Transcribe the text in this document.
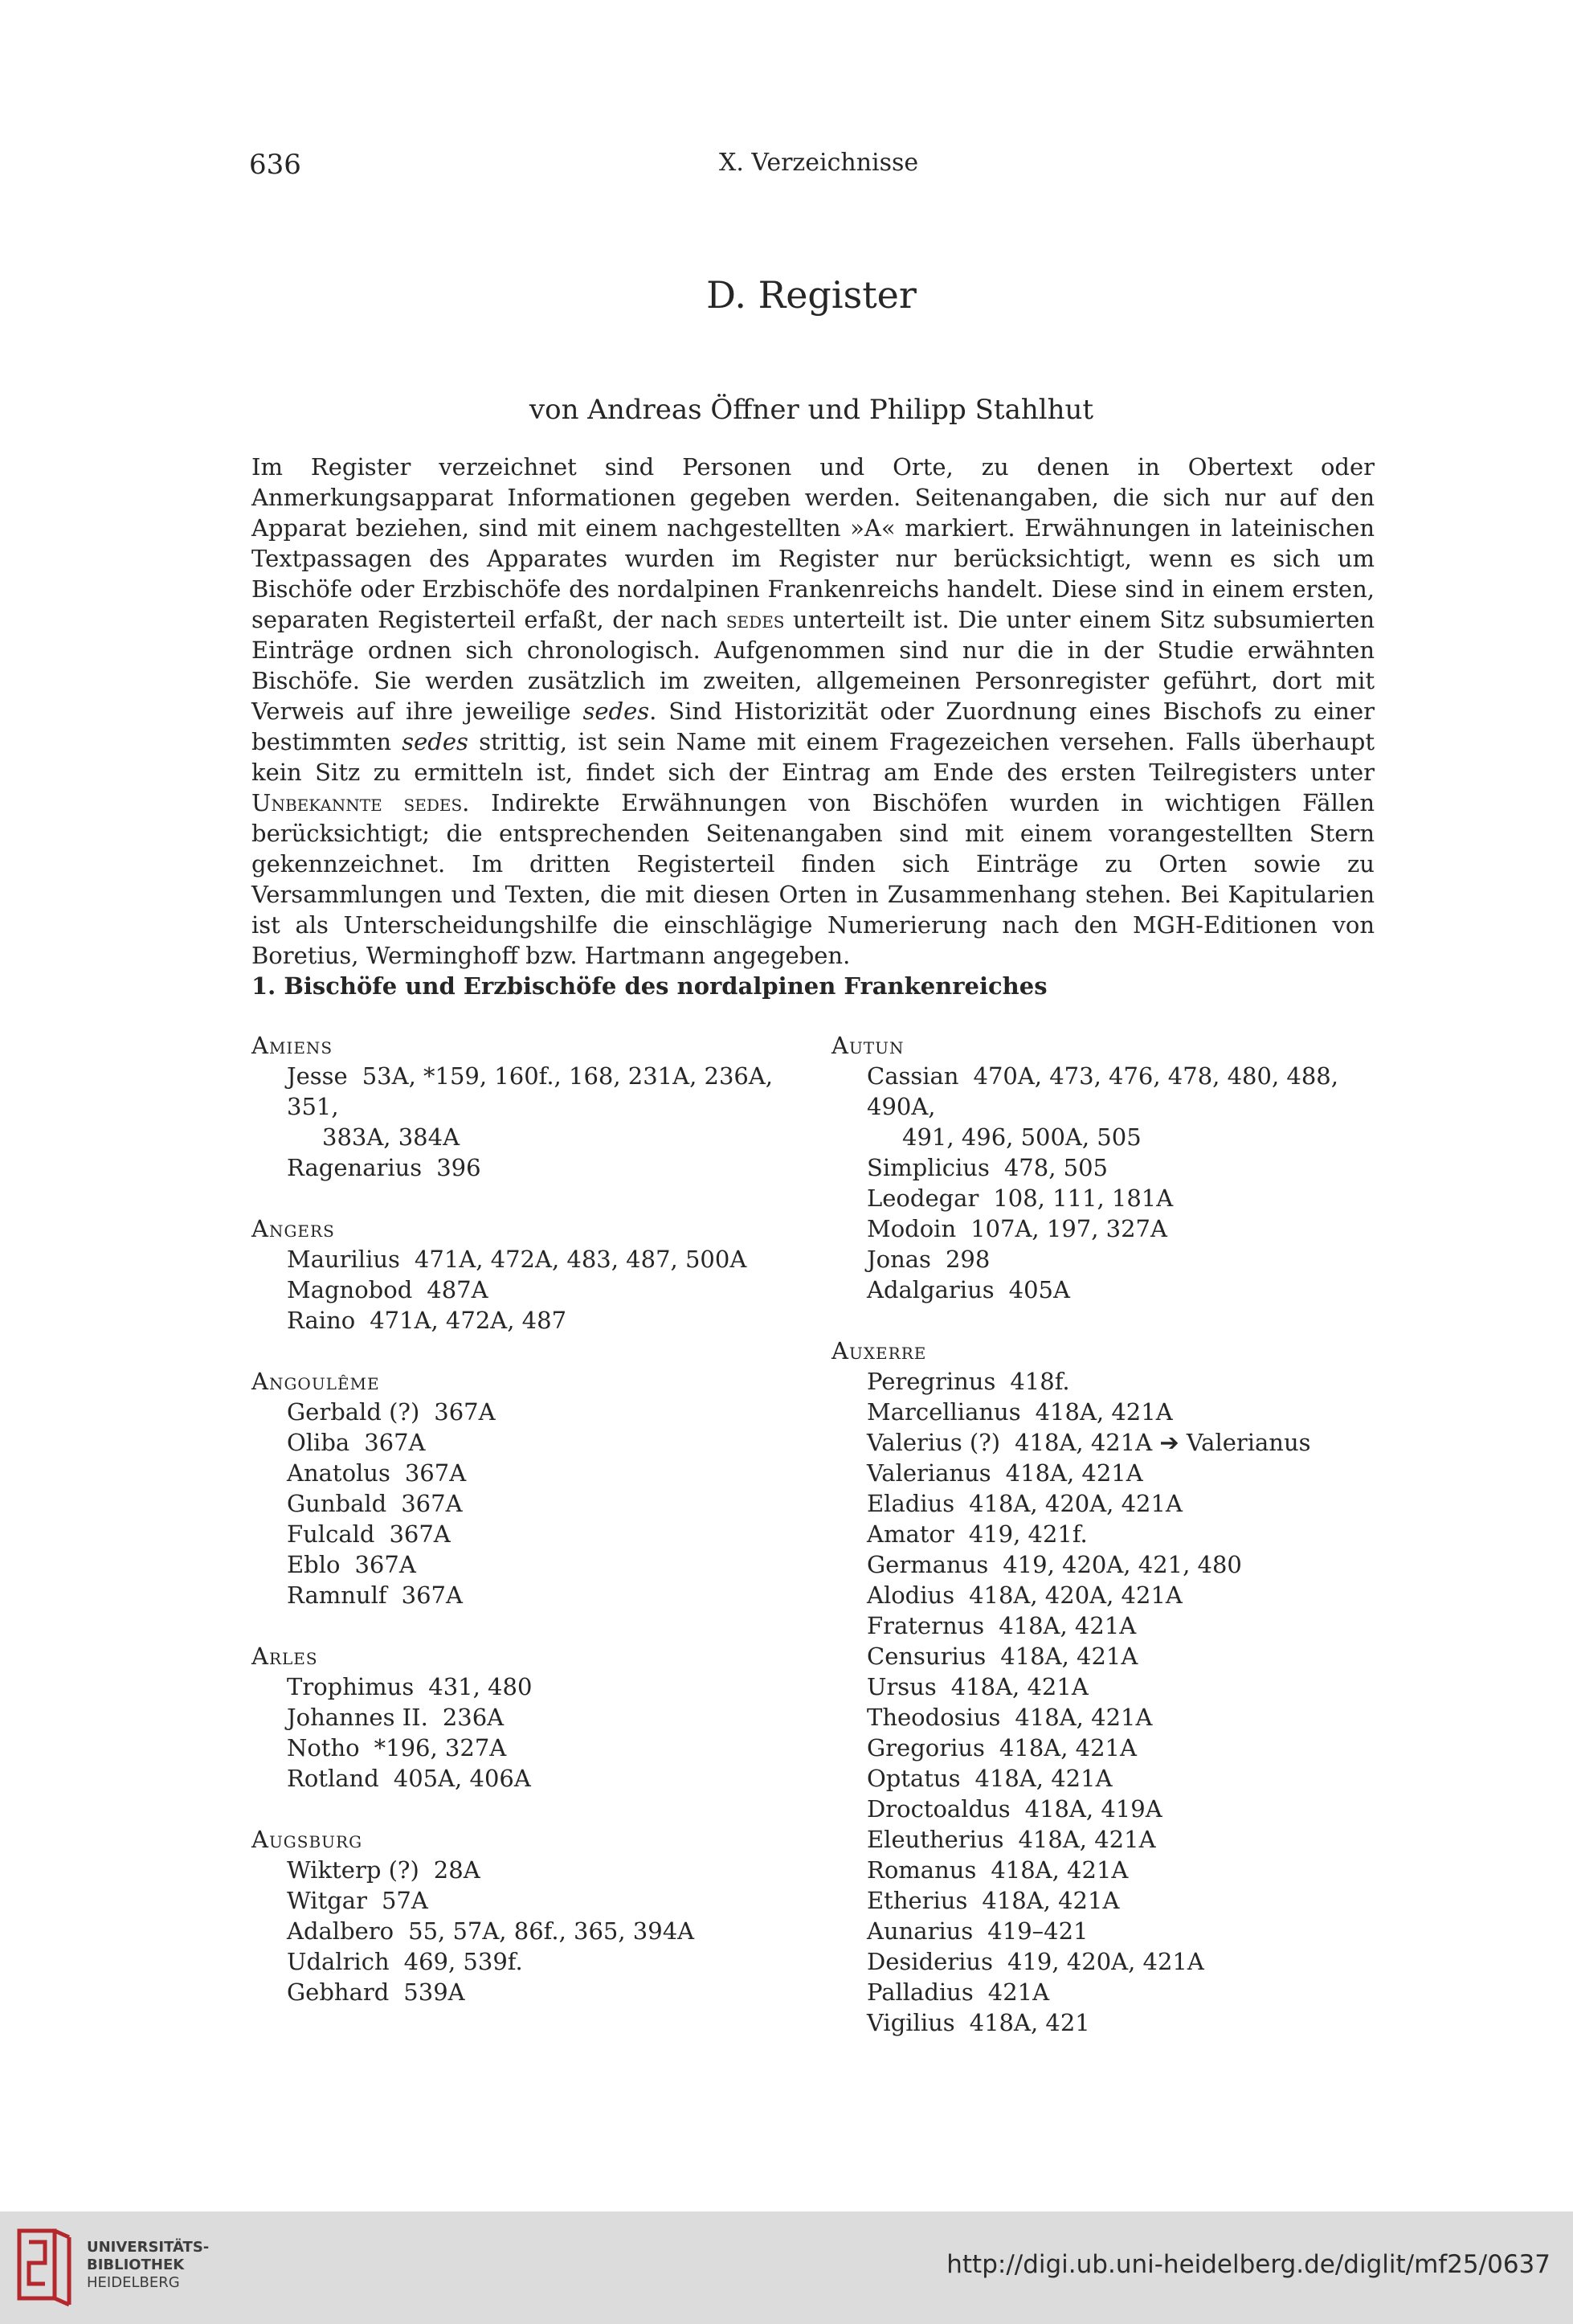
636	X. Verzeichnisse
D. Register
von Andreas Öffner und Philipp Stahlhut

Im Register verzeichnet sind Personen und Orte, zu denen in Obertext oder Anmerkungsapparat Informationen gegeben werden. Seitenangaben, die sich nur auf den Apparat beziehen, sind mit einem nachgestellten »A« markiert. Erwähnungen in lateinischen Textpassagen des Apparates wurden im Register nur berücksichtigt, wenn es sich um Bischöfe oder Erzbischöfe des nordalpinen Frankenreichs handelt. Diese sind in einem ersten, separaten Registerteil erfaßt, der nach sedes unterteilt ist. Die unter einem Sitz subsumierten Einträge ordnen sich chronologisch. Aufgenommen sind nur die in der Studie erwähnten Bischöfe. Sie werden zusätzlich im zweiten, allgemeinen Personregister geführt, dort mit Verweis auf ihre jeweilige sedes. Sind Historizität oder Zuordnung eines Bischofs zu einer bestimmten sedes strittig, ist sein Name mit einem Fragezeichen versehen. Falls überhaupt kein Sitz zu ermitteln ist, findet sich der Eintrag am Ende des ersten Teilregisters unter Unbekannte sedes. Indirekte Erwähnungen von Bischöfen wurden in wichtigen Fällen berücksichtigt; die entsprechenden Seitenangaben sind mit einem vorangestellten Stern gekennzeichnet. Im dritten Registerteil finden sich Einträge zu Orten sowie zu Versammlungen und Texten, die mit diesen Orten in Zusammenhang stehen. Bei Kapitularien ist als Unterscheidungshilfe die einschlägige Numerierung nach den MGH-Editionen von Boretius, Werminghoff bzw. Hartmann angegeben.

1. Bischöfe und Erzbischöfe des nordalpinen Frankenreiches
Amiens
Jesse 53A, *159, 160f., 168, 231A, 236A, 351,
383A, 384A
Ragenarius 396
Angers
Maurilius 471A, 472A, 483, 487, 500A
Magnobod 487A
Raino 471A, 472A, 487
Angoulême
Gerbald (?) 367A
Oliba 367A
Anatolus 367A
Gunbald 367A
Fulcald 367A
Eblo 367A
Ramnulf 367A
Arles
Trophimus 431, 480
Johannes II. 236A
Notho *196, 327A
Rotland 405A, 406A
Augsburg
Wikterp (?) 28A
Witgar 57A
Adalbero 55, 57A, 86f., 365, 394A
Udalrich 469, 539f.
Gebhard 539A
Autun
Cassian 470A, 473, 476, 478, 480, 488, 490A,
491, 496, 500A, 505
Simplicius 478, 505
Leodegar 108, 111, 181A
Modoin 107A, 197, 327A
Jonas 298
Adalgarius 405A
Auxerre
Peregrinus 418f.
Marcellianus 418A, 421A
Valerius (?) 418A, 421A ➔ Valerianus
Valerianus 418A, 421A
Eladius 418A, 420A, 421A
Amator 419, 421f.
Germanus 419, 420A, 421, 480
Alodius 418A, 420A, 421A
Fraternus 418A, 421A
Censurius 418A, 421A
Ursus 418A, 421A
Theodosius 418A, 421A
Gregorius 418A, 421A
Optatus 418A, 421A
Droctoaldus 418A, 419A
Eleutherius 418A, 421A
Romanus 418A, 421A
Etherius 418A, 421A
Aunarius 419–421
Desiderius 419, 420A, 421A
Palladius 421A
Vigilius 418A, 421
UNIVERSITÄTS-
BIBLIOTHEK
HEIDELBERG
http://digi.ub.uni-heidelberg.de/diglit/mf25/0637
